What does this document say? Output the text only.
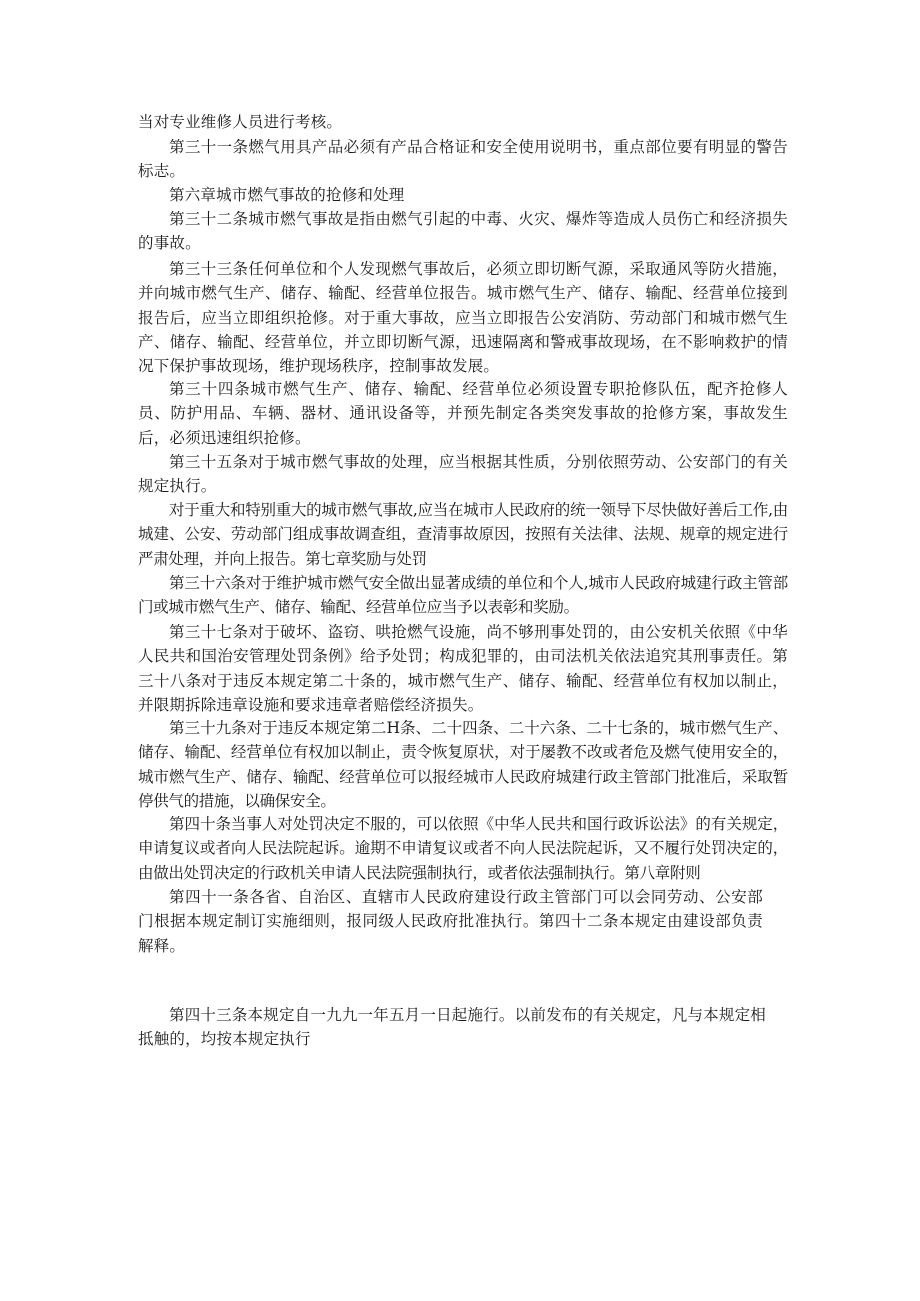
当对专业维修人员进行考核。

第三十一条燃气用具产品必须有产品合格证和安全使用说明书，重点部位要有明显的警告标志。

第六章城市燃气事故的抢修和处理

第三十二条城市燃气事故是指由燃气引起的中毒、火灾、爆炸等造成人员伤亡和经济损失的事故。

第三十三条任何单位和个人发现燃气事故后，必须立即切断气源，采取通风等防火措施，并向城市燃气生产、储存、输配、经营单位报告。城市燃气生产、储存、输配、经营单位接到报告后，应当立即组织抢修。对于重大事故，应当立即报告公安消防、劳动部门和城市燃气生产、储存、输配、经营单位，并立即切断气源，迅速隔离和警戒事故现场，在不影响救护的情况下保护事故现场，维护现场秩序，控制事故发展。

第三十四条城市燃气生产、储存、输配、经营单位必须设置专职抢修队伍，配齐抢修人员、防护用品、车辆、器材、通讯设备等，并预先制定各类突发事故的抢修方案，事故发生后，必须迅速组织抢修。

第三十五条对于城市燃气事故的处理，应当根据其性质，分别依照劳动、公安部门的有关规定执行。

对于重大和特别重大的城市燃气事故,应当在城市人民政府的统一领导下尽快做好善后工作,由城建、公安、劳动部门组成事故调查组，查清事故原因，按照有关法律、法规、规章的规定进行严肃处理，并向上报告。第七章奖励与处罚

第三十六条对于维护城市燃气安全做出显著成绩的单位和个人,城市人民政府城建行政主管部门或城市燃气生产、储存、输配、经营单位应当予以表彰和奖励。

第三十七条对于破坏、盗窃、哄抢燃气设施，尚不够刑事处罚的，由公安机关依照《中华人民共和国治安管理处罚条例》给予处罚；构成犯罪的，由司法机关依法追究其刑事责任。第三十八条对于违反本规定第二十条的，城市燃气生产、储存、输配、经营单位有权加以制止，并限期拆除违章设施和要求违章者赔偿经济损失。

第三十九条对于违反本规定第二H条、二十四条、二十六条、二十七条的，城市燃气生产、储存、输配、经营单位有权加以制止，责令恢复原状，对于屡教不改或者危及燃气使用安全的，城市燃气生产、储存、输配、经营单位可以报经城市人民政府城建行政主管部门批准后，采取暂停供气的措施，以确保安全。

第四十条当事人对处罚决定不服的，可以依照《中华人民共和国行政诉讼法》的有关规定，申请复议或者向人民法院起诉。逾期不申请复议或者不向人民法院起诉，又不履行处罚决定的，由做出处罚决定的行政机关申请人民法院强制执行，或者依法强制执行。第八章附则

第四十一条各省、自治区、直辖市人民政府建设行政主管部门可以会同劳动、公安部门根据本规定制订实施细则，报同级人民政府批准执行。第四十二条本规定由建设部负责解释。

第四十三条本规定自一九九一年五月一日起施行。以前发布的有关规定，凡与本规定相抵触的，均按本规定执行
